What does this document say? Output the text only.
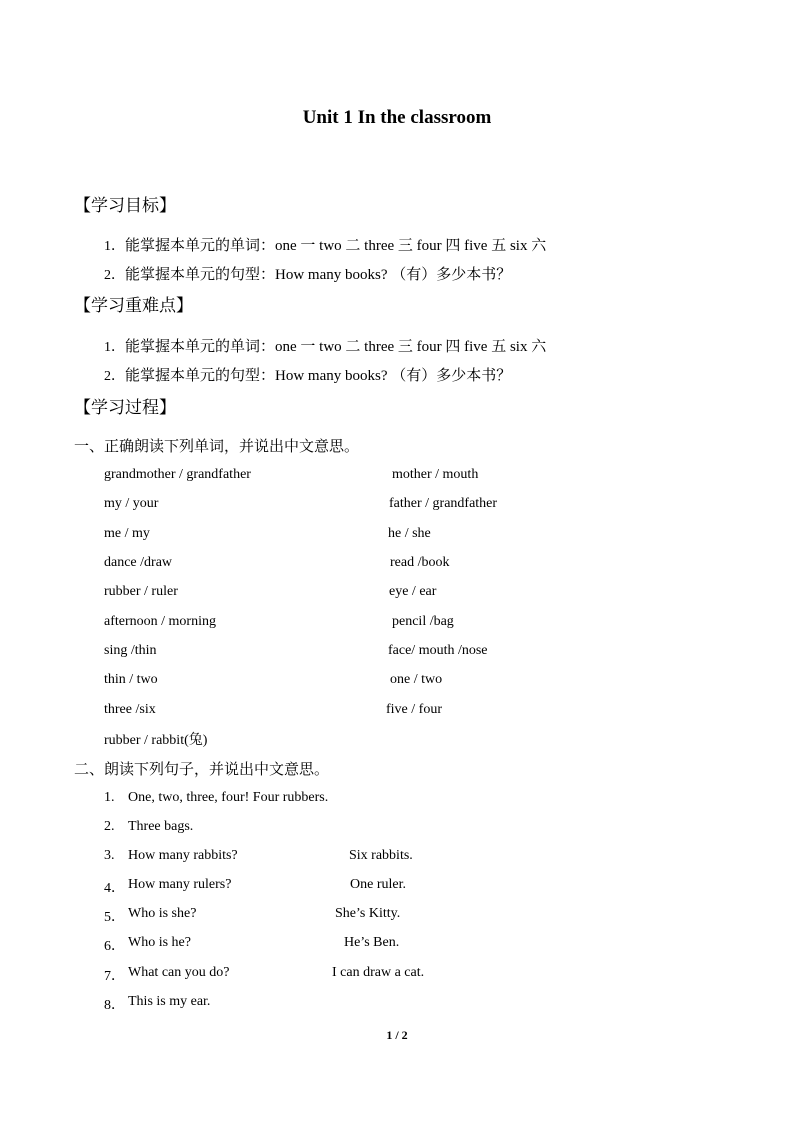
Unit 1 In the classroom
【学习目标】
1．能掌握本单元的单词：one 一 two 二 three 三 four 四 five 五 six 六
2．能掌握本单元的句型：How many books? （有）多少本书？
【学习重难点】
1．能掌握本单元的单词：one 一 two 二 three 三 four 四 five 五 six 六
2．能掌握本单元的句型：How many books? （有）多少本书？
【学习过程】
一、正确朗读下列单词，并说出中文意思。
grandmother / grandfather	mother / mouth
my / your	father / grandfather
me / my	he / she
dance /draw	read /book
rubber / ruler	eye / ear
afternoon / morning	pencil /bag
sing /thin	face/ mouth /nose
thin / two	one / two
three /six	five / four
rubber / rabbit(兔)
二、朗读下列句子，并说出中文意思。
1. One, two, three, four! Four rubbers.
2. Three bags.
3. How many rabbits?	Six rabbits.
4． How many rulers?	One ruler.
5． Who is she?	She’s Kitty.
6． Who is he?	He’s Ben.
7． What can you do?	I can draw a cat.
8． This is my ear.
1 / 2
